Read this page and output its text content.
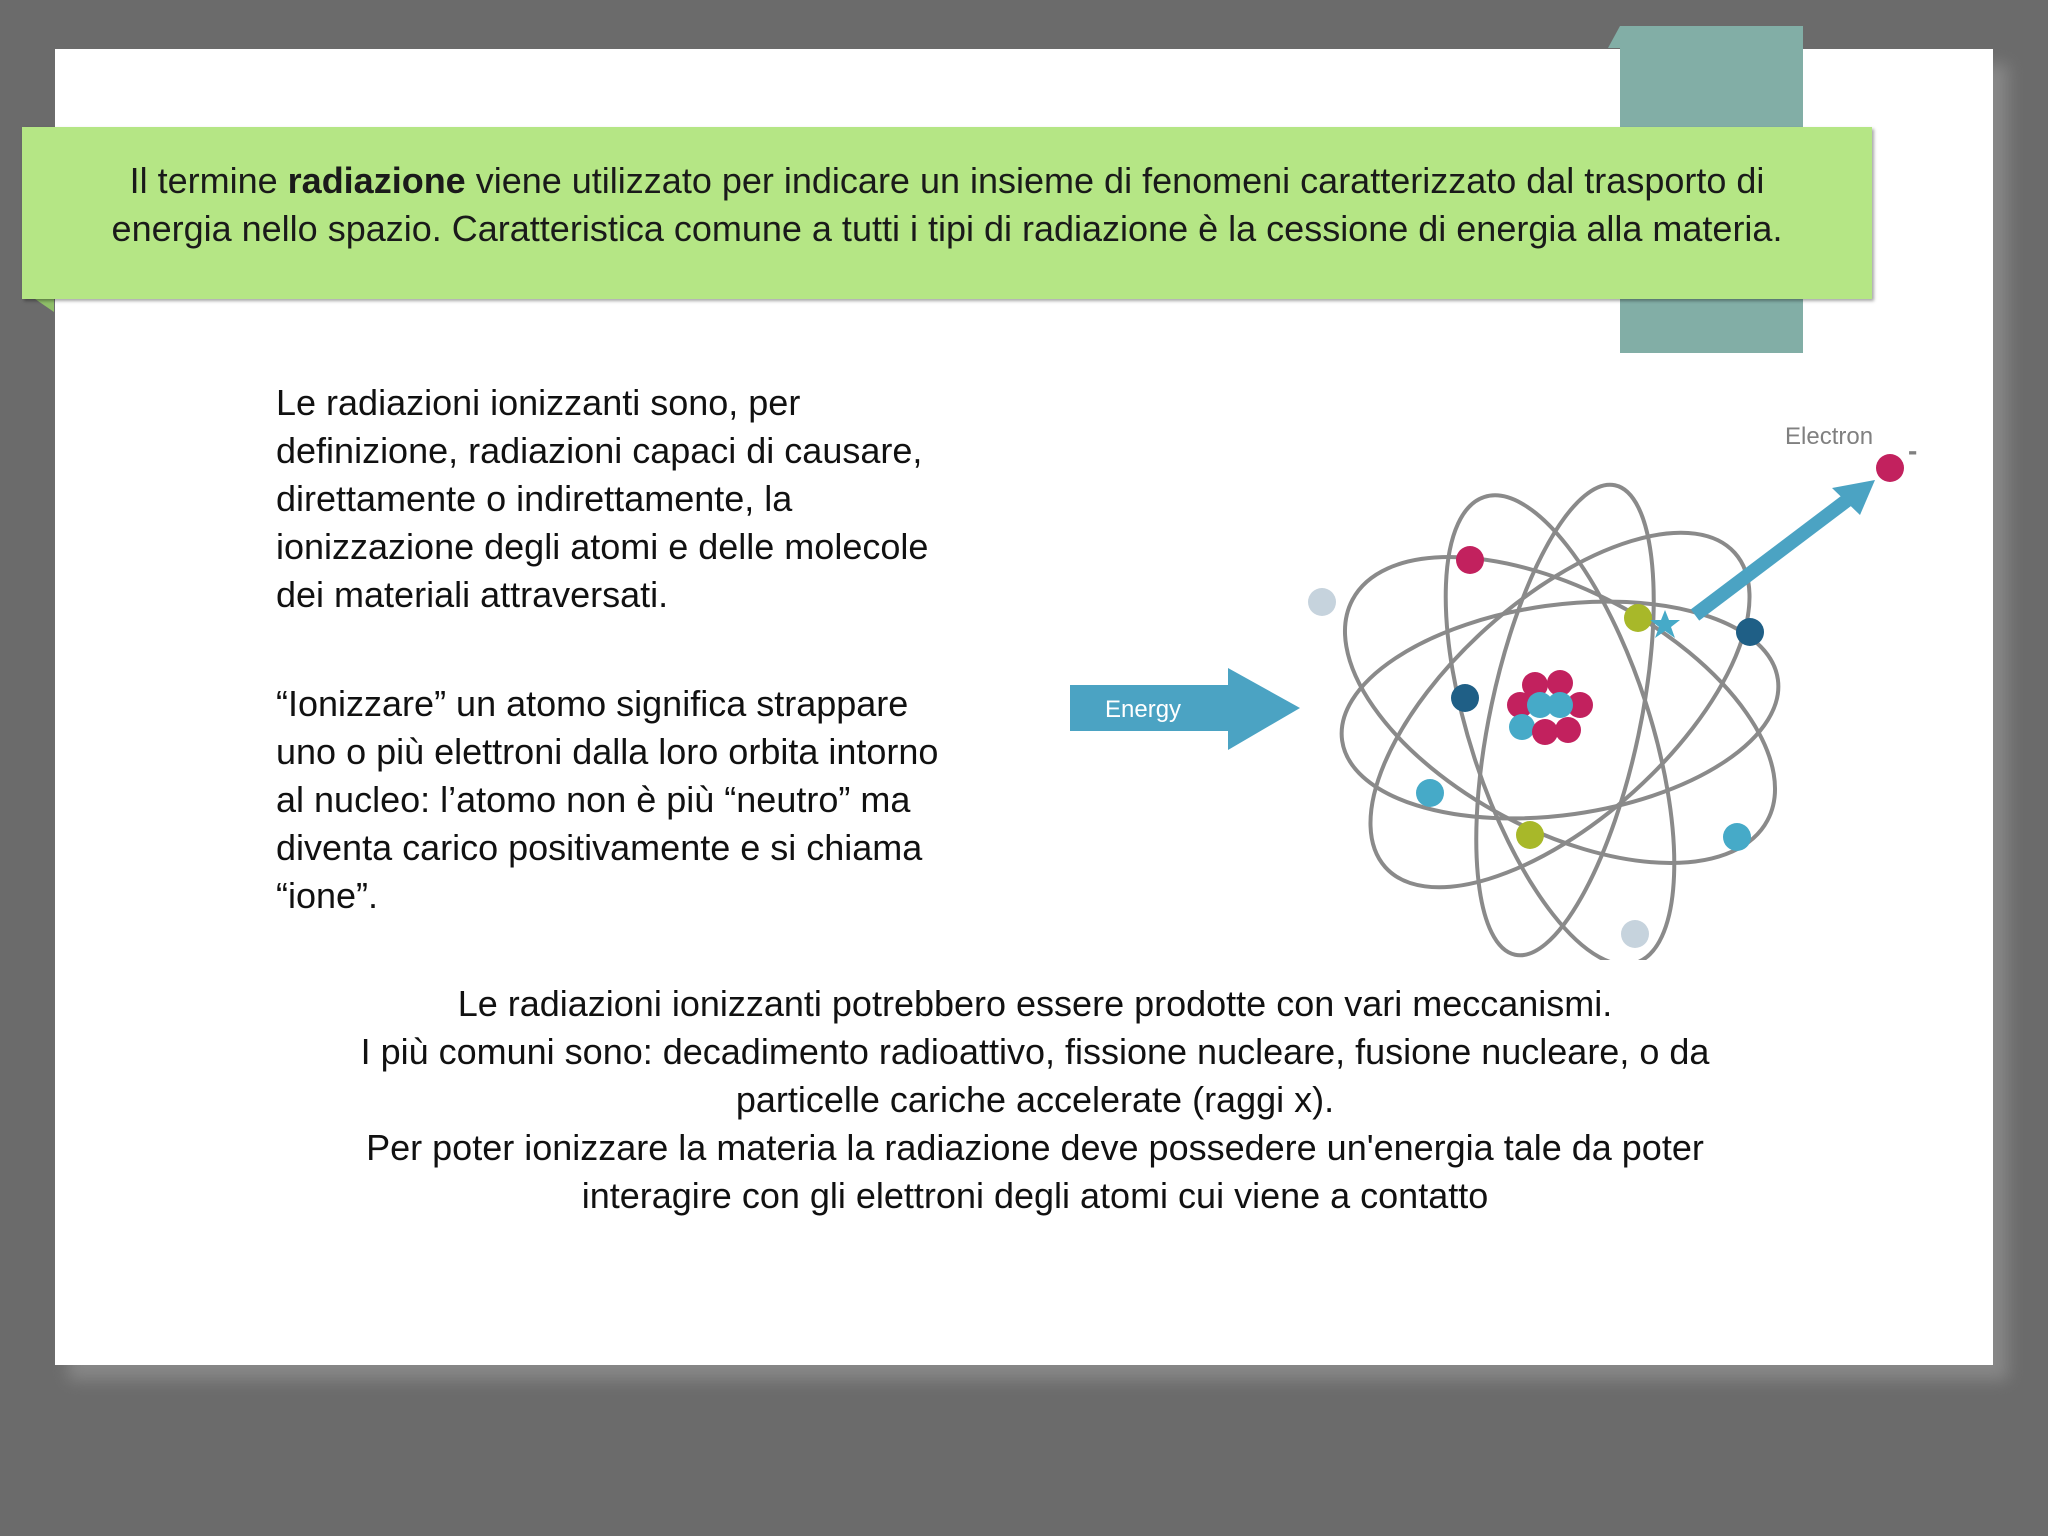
Il termine radiazione viene utilizzato per indicare un insieme di fenomeni caratterizzato dal trasporto di energia nello spazio. Caratteristica comune a tutti i tipi di radiazione è la cessione di energia alla materia.
Le radiazioni ionizzanti sono, per
definizione, radiazioni capaci di causare,
direttamente o indirettamente, la
ionizzazione degli atomi e delle molecole
dei materiali attraversati.
“Ionizzare” un atomo significa strappare
uno o più elettroni dalla loro orbita intorno
al nucleo: l’atomo non è più “neutro” ma
diventa carico positivamente e si chiama
“ione”.
Energy
Electron -
Le radiazioni ionizzanti potrebbero essere prodotte con vari meccanismi.
I più comuni sono: decadimento radioattivo, fissione nucleare, fusione nucleare, o da
particelle cariche accelerate (raggi x).
Per poter ionizzare la materia la radiazione deve possedere un'energia tale da poter
interagire con gli elettroni degli atomi cui viene a contatto
